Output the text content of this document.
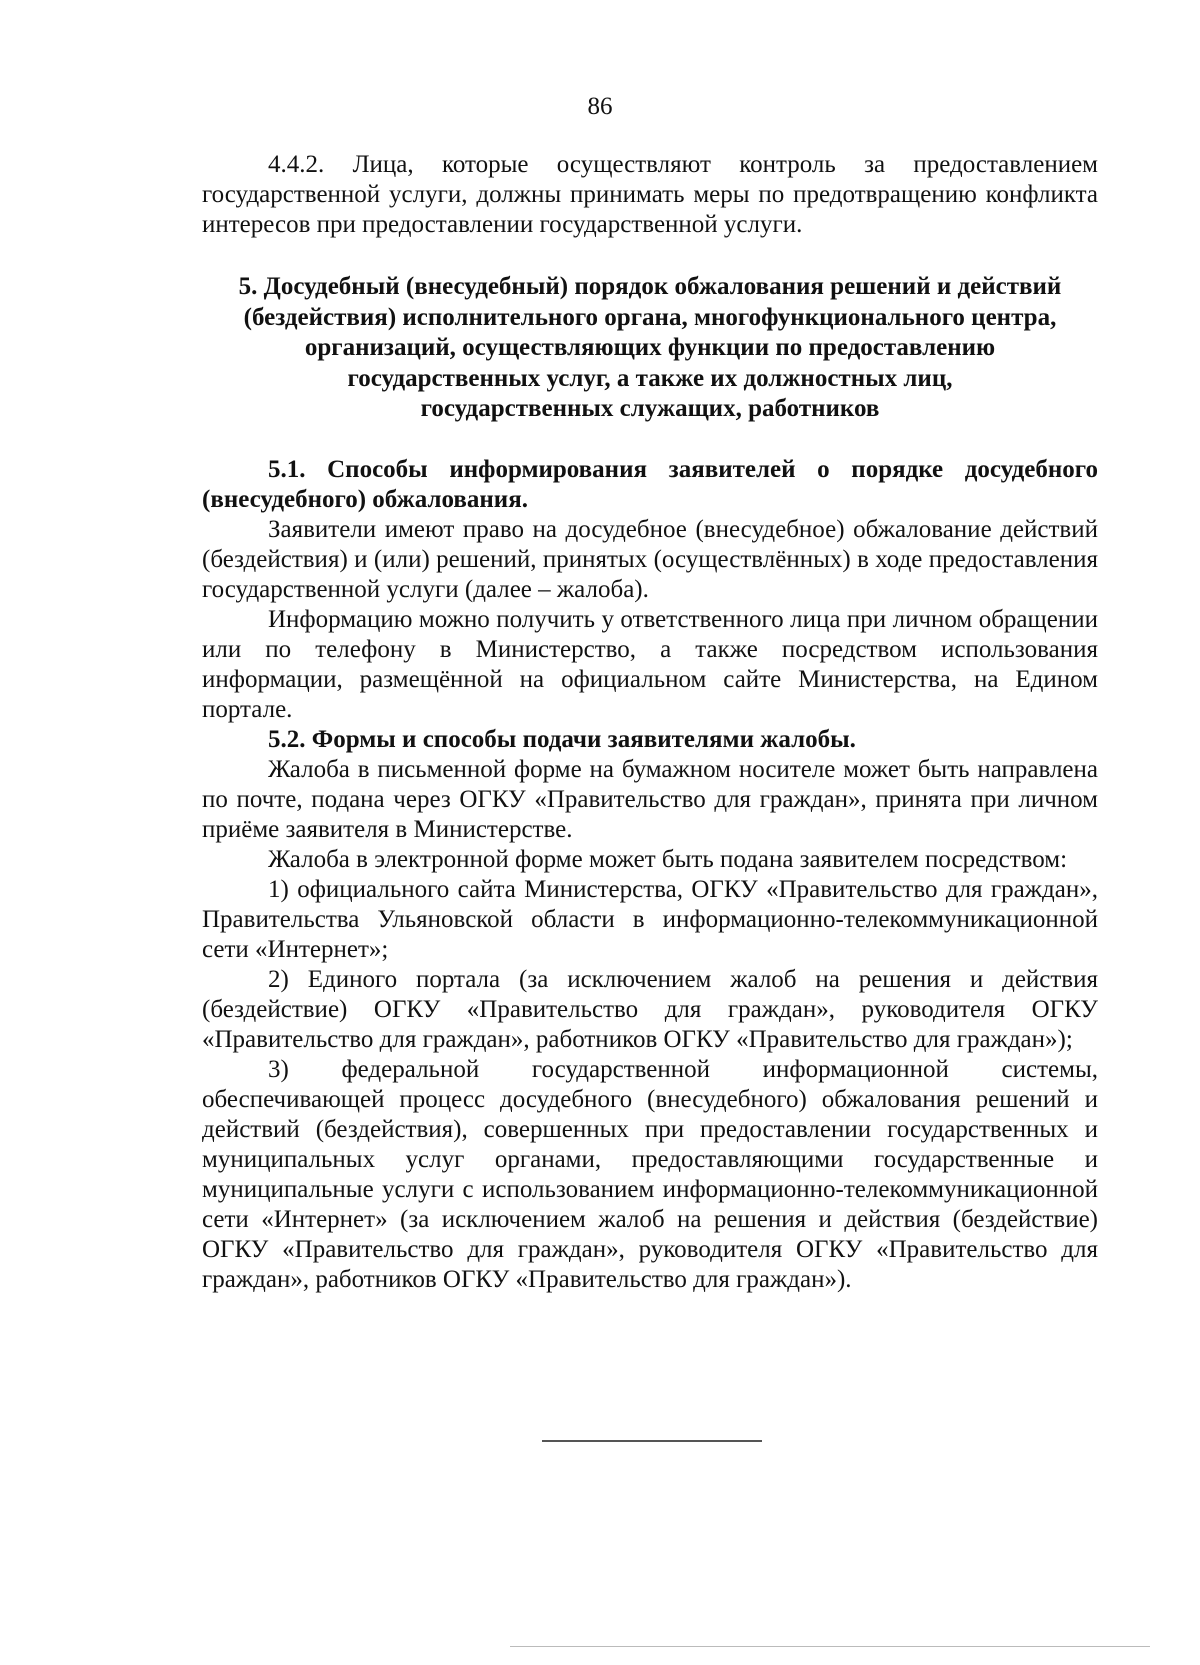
86

4.4.2. Лица, которые осуществляют контроль за предоставлением государственной услуги, должны принимать меры по предотвращению конфликта интересов при предоставлении государственной услуги.

5. Досудебный (внесудебный) порядок обжалования решений и действий
(бездействия) исполнительного органа, многофункционального центра,
организаций, осуществляющих функции по предоставлению
государственных услуг, а также их должностных лиц,
государственных служащих, работников

5.1. Способы информирования заявителей о порядке досудебного (внесудебного) обжалования.

Заявители имеют право на досудебное (внесудебное) обжалование действий (бездействия) и (или) решений, принятых (осуществлённых) в ходе предоставления государственной услуги (далее – жалоба).

Информацию можно получить у ответственного лица при личном обращении или по телефону в Министерство, а также посредством использования информации, размещённой на официальном сайте Министерства, на Едином портале.

5.2. Формы и способы подачи заявителями жалобы.

Жалоба в письменной форме на бумажном носителе может быть направлена по почте, подана через ОГКУ «Правительство для граждан», принята при личном приёме заявителя в Министерстве.

Жалоба в электронной форме может быть подана заявителем посредством:

1) официального сайта Министерства, ОГКУ «Правительство для граждан», Правительства Ульяновской области в информационно-телекоммуникационной сети «Интернет»;

2) Единого портала (за исключением жалоб на решения и действия (бездействие) ОГКУ «Правительство для граждан», руководителя ОГКУ «Правительство для граждан», работников ОГКУ «Правительство для граждан»);

3) федеральной государственной информационной системы, обеспечивающей процесс досудебного (внесудебного) обжалования решений и действий (бездействия), совершенных при предоставлении государственных и муниципальных услуг органами, предоставляющими государственные и муниципальные услуги с использованием информационно-телекоммуникационной сети «Интернет» (за исключением жалоб на решения и действия (бездействие) ОГКУ «Правительство для граждан», руководителя ОГКУ «Правительство для граждан», работников ОГКУ «Правительство для граждан»).
